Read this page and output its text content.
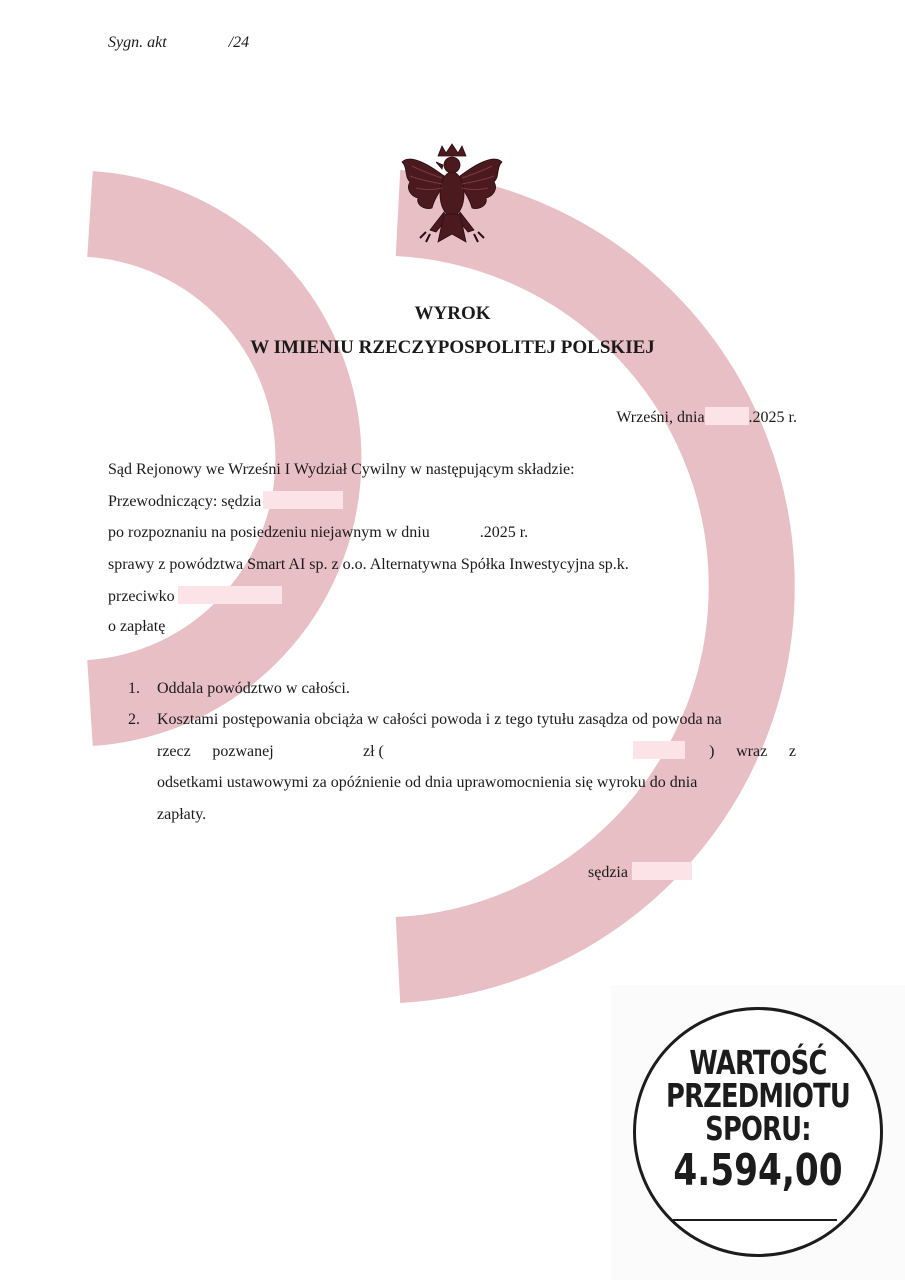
Sygn. akt	/24
WYROK
W IMIENIU RZECZYPOSPOLITEJ POLSKIEJ
Wrześni, dnia	.2025 r.
Sąd Rejonowy we Wrześni I Wydział Cywilny w następującym składzie:
Przewodniczący: sędzia
po rozpoznaniu na posiedzeniu niejawnym w dniu	.2025 r.
sprawy z powództwa Smart AI sp. z o.o. Alternatywna Spółka Inwestycyjna sp.k.
przeciwko
o zapłatę
1.	Oddala powództwo w całości.
2.	Kosztami postępowania obciąża w całości powoda i z tego tytułu zasądza od powoda na
rzecz pozwanej	zł (	) wraz z
odsetkami ustawowymi za opóźnienie od dnia uprawomocnienia się wyroku do dnia
zapłaty.
sędzia
WARTOŚĆ
PRZEDMIOTU
SPORU:
4.594,00
